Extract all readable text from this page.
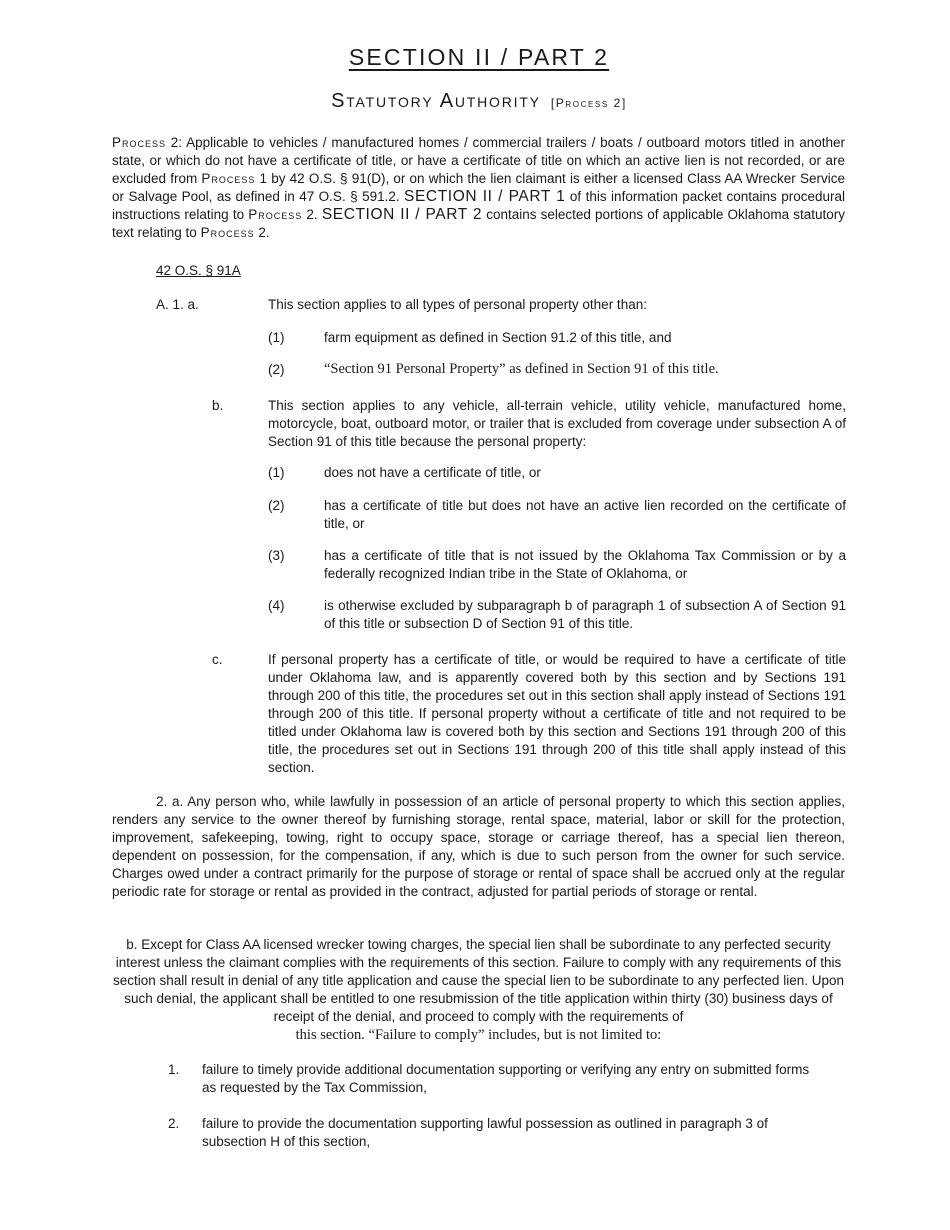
SECTION II / PART 2
Statutory Authority [Process 2]
Process 2: Applicable to vehicles / manufactured homes / commercial trailers / boats / outboard motors titled in another state, or which do not have a certificate of title, or have a certificate of title on which an active lien is not recorded, or are excluded from Process 1 by 42 O.S. § 91(D), or on which the lien claimant is either a licensed Class AA Wrecker Service or Salvage Pool, as defined in 47 O.S. § 591.2. SECTION II / PART 1 of this information packet contains procedural instructions relating to Process 2. SECTION II / PART 2 contains selected portions of applicable Oklahoma statutory text relating to Process 2.
42 O.S. § 91A
A. 1. a.	This section applies to all types of personal property other than:
(1)	farm equipment as defined in Section 91.2 of this title, and
(2)	“Section 91 Personal Property” as defined in Section 91 of this title.
b.	This section applies to any vehicle, all-terrain vehicle, utility vehicle, manufactured home, motorcycle, boat, outboard motor, or trailer that is excluded from coverage under subsection A of Section 91 of this title because the personal property:
(1)	does not have a certificate of title, or
(2)	has a certificate of title but does not have an active lien recorded on the certificate of title, or
(3)	has a certificate of title that is not issued by the Oklahoma Tax Commission or by a federally recognized Indian tribe in the State of Oklahoma, or
(4)	is otherwise excluded by subparagraph b of paragraph 1 of subsection A of Section 91 of this title or subsection D of Section 91 of this title.
c.	If personal property has a certificate of title, or would be required to have a certificate of title under Oklahoma law, and is apparently covered both by this section and by Sections 191 through 200 of this title, the procedures set out in this section shall apply instead of Sections 191 through 200 of this title. If personal property without a certificate of title and not required to be titled under Oklahoma law is covered both by this section and Sections 191 through 200 of this title, the procedures set out in Sections 191 through 200 of this title shall apply instead of this section.
2. a. Any person who, while lawfully in possession of an article of personal property to which this section applies, renders any service to the owner thereof by furnishing storage, rental space, material, labor or skill for the protection, improvement, safekeeping, towing, right to occupy space, storage or carriage thereof, has a special lien thereon, dependent on possession, for the compensation, if any, which is due to such person from the owner for such service. Charges owed under a contract primarily for the purpose of storage or rental of space shall be accrued only at the regular periodic rate for storage or rental as provided in the contract, adjusted for partial periods of storage or rental.
b. Except for Class AA licensed wrecker towing charges, the special lien shall be subordinate to any perfected security interest unless the claimant complies with the requirements of this section. Failure to comply with any requirements of this section shall result in denial of any title application and cause the special lien to be subordinate to any perfected lien. Upon such denial, the applicant shall be entitled to one resubmission of the title application within thirty (30) business days of receipt of the denial, and proceed to comply with the requirements of
this section. “Failure to comply” includes, but is not limited to:
1. failure to timely provide additional documentation supporting or verifying any entry on submitted forms as requested by the Tax Commission,
2. failure to provide the documentation supporting lawful possession as outlined in paragraph 3 of subsection H of this section,
